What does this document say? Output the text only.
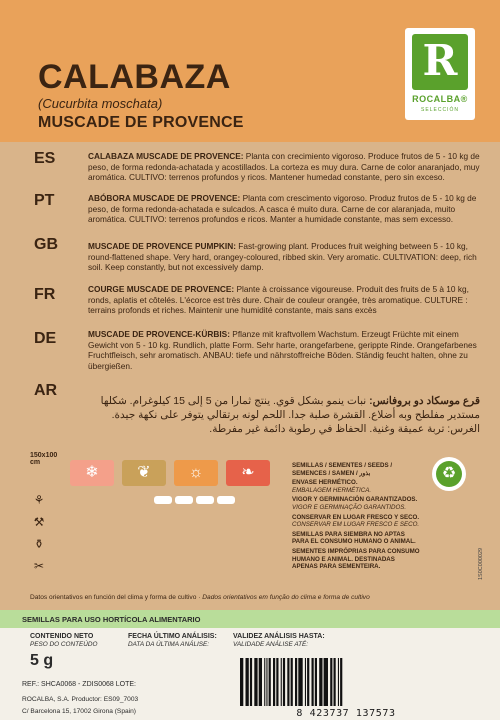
CALABAZA
(Cucurbita moschata)
MUSCADE DE PROVENCE
R
ROCALBA®
SELECCIÓN
ES	CALABAZA MUSCADE DE PROVENCE: Planta con crecimiento vigoroso. Produce frutos de 5 - 10 kg de peso, de forma redonda-achatada y acostillados. La corteza es muy dura. Carne de color anaranjado, muy aromática. CULTIVO: terrenos profundos y ricos. Mantener humedad constante, pero sin exceso.
PT	ABÓBORA MUSCADE DE PROVENCE: Planta com crescimento vigoroso. Produz frutos de 5 - 10 kg de peso, de forma redonda-achatada e sulcados. A casca é muito dura. Carne de cor alaranjada, muito aromática. CULTIVO: terrenos profundos e ricos. Manter a humidade constante, mas sem excesso.
GB	MUSCADE DE PROVENCE PUMPKIN: Fast-growing plant. Produces fruit weighing between 5 - 10 kg, round-flattened shape. Very hard, orangey-coloured, ribbed skin. Very aromatic. CULTIVATION: deep, rich soil. Keep constantly, but not excessively damp.
FR	COURGE MUSCADE DE PROVENCE: Plante à croissance vigoureuse. Produit des fruits de 5 à 10 kg, ronds, aplatis et côtelés. L'écorce est très dure. Chair de couleur orangée, très aromatique. CULTURE : terrains profonds et riches. Maintenir une humidité constante, mais sans excès
DE	MUSCADE DE PROVENCE-KÜRBIS: Pflanze mit kraftvollem Wachstum. Erzeugt Früchte mit einem Gewicht von 5 - 10 kg. Rundlich, platte Form. Sehr harte, orangefarbene, gerippte Rinde. Orangefarbenes Fruchtfleisch, sehr aromatisch. ANBAU: tiefe und nährstoffreiche Böden. Ständig feucht halten, ohne zu übergießen.
AR
قرع موسكاد دو بروفانس: نبات ينمو بشكل قوي. ينتج ثمارا من 5 إلى 15 كيلوغرام. شكلها مستدير مفلطح وبه أضلاع. القشرة صلبة جدا. اللحم لونه برتقالي يتوفر على نكهة جيدة. الغرس: تربة عميقة وغنية. الحفاظ في رطوبة دائمة غير مفرطة.
150x100
cm
❄	❦	☼	❧
⚘
⚒
⚱
✂
SEMILLAS / SEMENTES / SEEDS / SEMENCES / SAMEN / بذور
ENVASE HERMÉTICO.
EMBALAGEM HERMÉTICA.
VIGOR Y GERMINACIÓN GARANTIZADOS.
VIGOR E GERMINAÇÃO GARANTIDOS.
CONSERVAR EN LUGAR FRESCO Y SECO.
CONSERVAR EM LUGAR FRESCO E SECO.
SEMILLAS PARA SIEMBRA NO APTAS PARA EL CONSUMO HUMANO O ANIMAL.
SEMENTES IMPRÓPRIAS PARA CONSUMO HUMANO E ANIMAL. DESTINADAS APENAS PARA SEMENTEIRA.
♻
Datos orientativos en función del clima y forma de cultivo · Dados orientativos em função do clima e forma de cultivo
SEMILLAS PARA USO HORTÍCOLA ALIMENTARIO
CONTENIDO NETO
PESO DO CONTEÚDO
5 g
FECHA ÚLTIMO ANÁLISIS:
DATA DA ÚLTIMA ANÁLISE:
VALIDEZ ANÁLISIS HASTA:
VALIDADE ANÁLISE ATÉ:
REF.: SHCA0068 - ZDIS0068 LOTE:
ROCALBA, S.A. Productor: ES09_7003
C/ Barcelona 15, 17002 Girona (Spain)	8 423737 137573
1S0C000029
